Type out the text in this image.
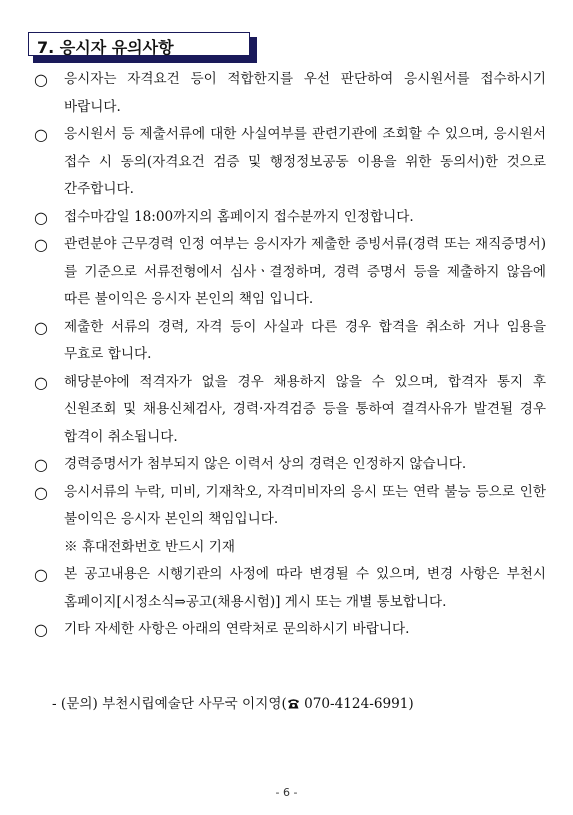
7. 응시자 유의사항
○ 응시자는 자격요건 등이 적합한지를 우선 판단하여 응시원서를 접수하시기 바랍니다.
○ 응시원서 등 제출서류에 대한 사실여부를 관련기관에 조회할 수 있으며, 응시원서 접수 시 동의(자격요건 검증 및 행정정보공동 이용을 위한 동의서)한 것으로 간주합니다.
○ 접수마감일 18:00까지의 홈페이지 접수분까지 인정합니다.
○ 관련분야 근무경력 인정 여부는 응시자가 제출한 증빙서류(경력 또는 재직증명서)를 기준으로 서류전형에서 심사ㆍ결정하며, 경력 증명서 등을 제출하지 않음에 따른 불이익은 응시자 본인의 책임 입니다.
○ 제출한 서류의 경력, 자격 등이 사실과 다른 경우 합격을 취소하 거나 임용을 무효로 합니다.
○ 해당분야에 적격자가 없을 경우 채용하지 않을 수 있으며, 합격자 통지 후 신원조회 및 채용신체검사, 경력·자격검증 등을 통하여 결격사유가 발견될 경우 합격이 취소됩니다.
○ 경력증명서가 첨부되지 않은 이력서 상의 경력은 인정하지 않습니다.
○ 응시서류의 누락, 미비, 기재착오, 자격미비자의 응시 또는 연락 불능 등으로 인한 불이익은 응시자 본인의 책임입니다.
※ 휴대전화번호 반드시 기재
○ 본 공고내용은 시행기관의 사정에 따라 변경될 수 있으며, 변경 사항은 부천시 홈페이지[시정소식⇒공고(채용시험)] 게시 또는 개별 통보합니다.
○ 기타 자세한 사항은 아래의 연락처로 문의하시기 바랍니다.
- (문의) 부천시립예술단 사무국 이지영( 070-4124-6991)
- 6 -
